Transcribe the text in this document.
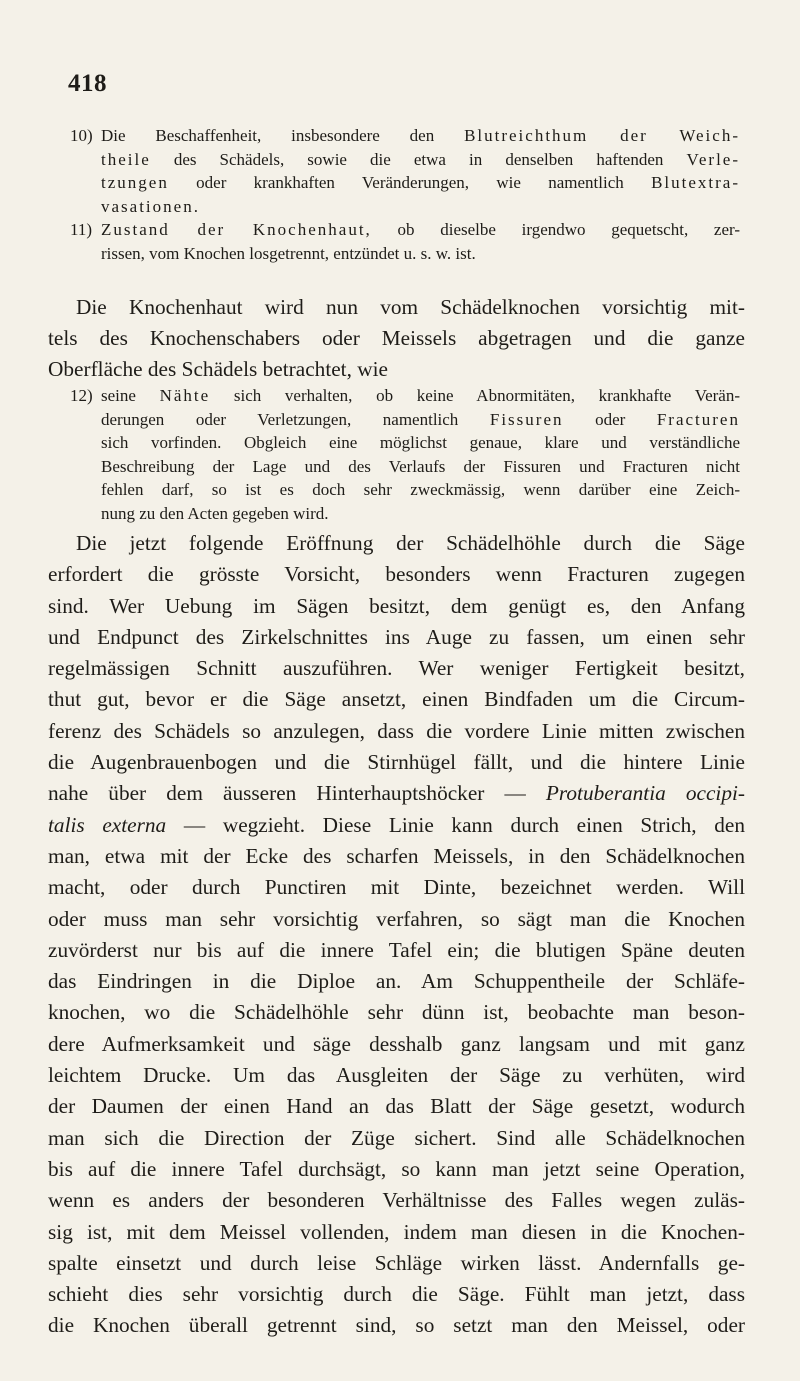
418
10) Die Beschaffenheit, insbesondere den Blutreichthum der Weich-
theile des Schädels, sowie die etwa in denselben haftenden Verle-
tzungen oder krankhaften Veränderungen, wie namentlich Blutextra-
vasationen.
11) Zustand der Knochenhaut, ob dieselbe irgendwo gequetscht, zer-
rissen, vom Knochen losgetrennt, entzündet u. s. w. ist.

Die Knochenhaut wird nun vom Schädelknochen vorsichtig mit-
tels des Knochenschabers oder Meissels abgetragen und die ganze
Oberfläche des Schädels betrachtet, wie

12) seine Nähte sich verhalten, ob keine Abnormitäten, krankhafte Verän-
derungen oder Verletzungen, namentlich Fissuren oder Fracturen
sich vorfinden. Obgleich eine möglichst genaue, klare und verständliche
Beschreibung der Lage und des Verlaufs der Fissuren und Fracturen nicht
fehlen darf, so ist es doch sehr zweckmässig, wenn darüber eine Zeich-
nung zu den Acten gegeben wird.

Die jetzt folgende Eröffnung der Schädelhöhle durch die Säge
erfordert die grösste Vorsicht, besonders wenn Fracturen zugegen
sind. Wer Uebung im Sägen besitzt, dem genügt es, den Anfang
und Endpunct des Zirkelschnittes ins Auge zu fassen, um einen sehr
regelmässigen Schnitt auszuführen. Wer weniger Fertigkeit besitzt,
thut gut, bevor er die Säge ansetzt, einen Bindfaden um die Circum-
ferenz des Schädels so anzulegen, dass die vordere Linie mitten zwischen
die Augenbrauenbogen und die Stirnhügel fällt, und die hintere Linie
nahe über dem äusseren Hinterhauptshöcker — Protuberantia occipi-
talis externa — wegzieht. Diese Linie kann durch einen Strich, den
man, etwa mit der Ecke des scharfen Meissels, in den Schädelknochen
macht, oder durch Punctiren mit Dinte, bezeichnet werden. Will
oder muss man sehr vorsichtig verfahren, so sägt man die Knochen
zuvörderst nur bis auf die innere Tafel ein; die blutigen Späne deuten
das Eindringen in die Diploe an. Am Schuppentheile der Schläfe-
knochen, wo die Schädelhöhle sehr dünn ist, beobachte man beson-
dere Aufmerksamkeit und säge desshalb ganz langsam und mit ganz
leichtem Drucke. Um das Ausgleiten der Säge zu verhüten, wird
der Daumen der einen Hand an das Blatt der Säge gesetzt, wodurch
man sich die Direction der Züge sichert. Sind alle Schädelknochen
bis auf die innere Tafel durchsägt, so kann man jetzt seine Operation,
wenn es anders der besonderen Verhältnisse des Falles wegen zuläs-
sig ist, mit dem Meissel vollenden, indem man diesen in die Knochen-
spalte einsetzt und durch leise Schläge wirken lässt. Andernfalls ge-
schieht dies sehr vorsichtig durch die Säge. Fühlt man jetzt, dass
die Knochen überall getrennt sind, so setzt man den Meissel, oder
